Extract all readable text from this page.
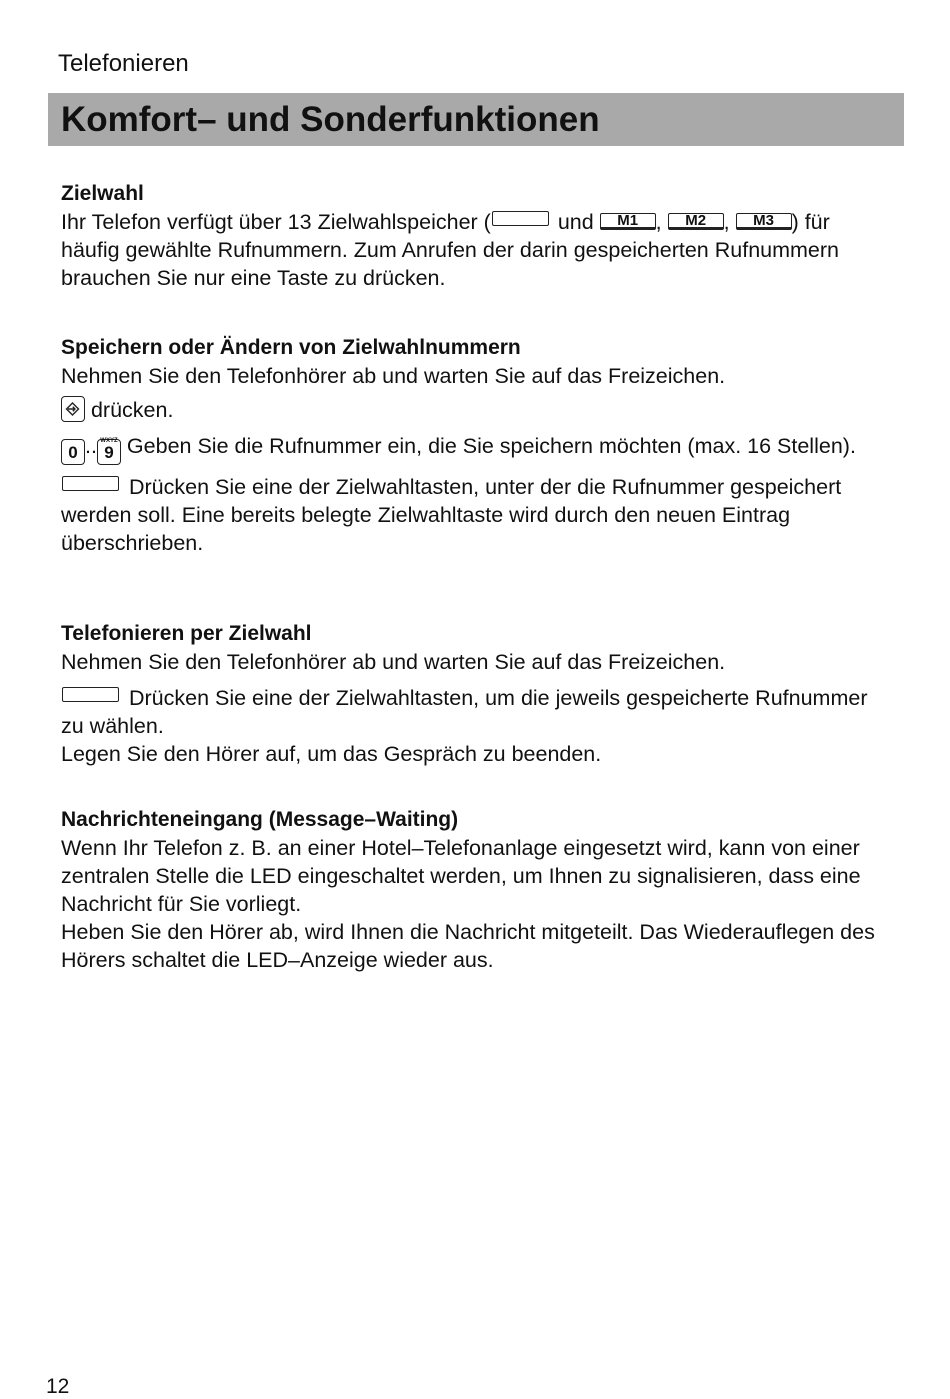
Telefonieren
Komfort– und Sonderfunktionen
Zielwahl

Ihr Telefon verfügt über 13 Zielwahlspeicher (	und M1 , M2 , M3 ) für häufig gewählte Rufnummern. Zum Anrufen der darin gespeicherten Rufnummern brauchen Sie nur eine Taste zu drücken.

Speichern oder Ändern von Zielwahlnummern

Nehmen Sie den Telefonhörer ab und warten Sie auf das Freizeichen.

drücken.

0 .. WXYZ
9 Geben Sie die Rufnummer ein, die Sie speichern möchten (max. 16 Stellen).

Drücken Sie eine der Zielwahltasten, unter der die Rufnummer gespeichert werden soll. Eine bereits belegte Zielwahltaste wird durch den neuen Eintrag überschrieben.

Telefonieren per Zielwahl

Nehmen Sie den Telefonhörer ab und warten Sie auf das Freizeichen.

Drücken Sie eine der Zielwahltasten, um die jeweils gespeicherte Rufnummer zu wählen.

Legen Sie den Hörer auf, um das Gespräch zu beenden.

Nachrichteneingang (Message–Waiting)

Wenn Ihr Telefon z. B. an einer Hotel–Telefonanlage eingesetzt wird, kann von einer zentralen Stelle die LED eingeschaltet werden, um Ihnen zu signalisieren, dass eine Nachricht für Sie vorliegt.

Heben Sie den Hörer ab, wird Ihnen die Nachricht mitgeteilt. Das Wiederauflegen des Hörers schaltet die LED–Anzeige wieder aus.

12
